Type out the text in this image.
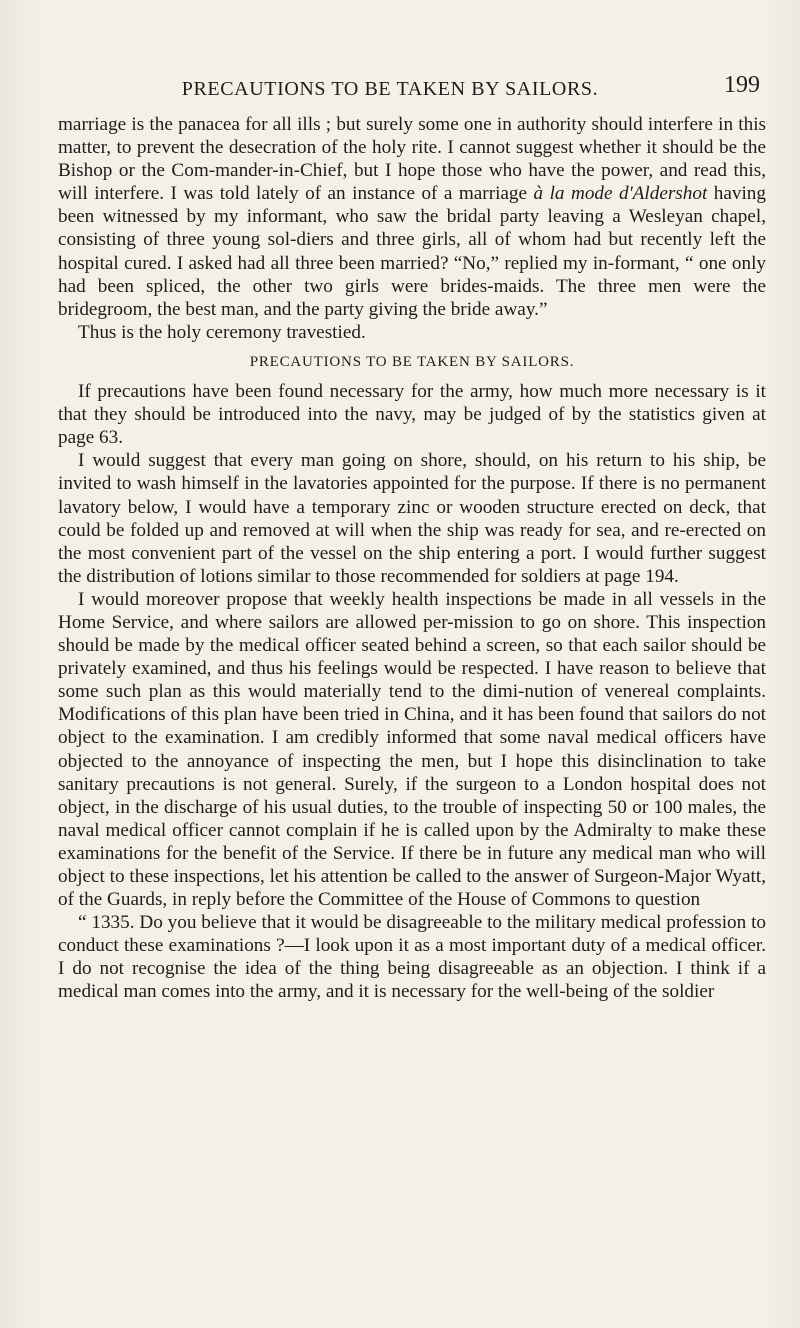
PRECAUTIONS TO BE TAKEN BY SAILORS.	199

marriage is the panacea for all ills ; but surely some one in authority should interfere in this matter, to prevent the desecration of the holy rite. I cannot suggest whether it should be the Bishop or the Com-mander-in-Chief, but I hope those who have the power, and read this, will interfere. I was told lately of an instance of a marriage à la mode d'Aldershot having been witnessed by my informant, who saw the bridal party leaving a Wesleyan chapel, consisting of three young sol-diers and three girls, all of whom had but recently left the hospital cured. I asked had all three been married? “No,” replied my in-formant, “ one only had been spliced, the other two girls were brides-maids. The three men were the bridegroom, the best man, and the party giving the bride away.”

Thus is the holy ceremony travestied.

PRECAUTIONS TO BE TAKEN BY SAILORS.

If precautions have been found necessary for the army, how much more necessary is it that they should be introduced into the navy, may be judged of by the statistics given at page 63.

I would suggest that every man going on shore, should, on his return to his ship, be invited to wash himself in the lavatories appointed for the purpose. If there is no permanent lavatory below, I would have a temporary zinc or wooden structure erected on deck, that could be folded up and removed at will when the ship was ready for sea, and re-erected on the most convenient part of the vessel on the ship entering a port. I would further suggest the distribution of lotions similar to those recommended for soldiers at page 194.

I would moreover propose that weekly health inspections be made in all vessels in the Home Service, and where sailors are allowed per-mission to go on shore. This inspection should be made by the medical officer seated behind a screen, so that each sailor should be privately examined, and thus his feelings would be respected. I have reason to believe that some such plan as this would materially tend to the dimi-nution of venereal complaints. Modifications of this plan have been tried in China, and it has been found that sailors do not object to the examination. I am credibly informed that some naval medical officers have objected to the annoyance of inspecting the men, but I hope this disinclination to take sanitary precautions is not general. Surely, if the surgeon to a London hospital does not object, in the discharge of his usual duties, to the trouble of inspecting 50 or 100 males, the naval medical officer cannot complain if he is called upon by the Admiralty to make these examinations for the benefit of the Service. If there be in future any medical man who will object to these inspections, let his attention be called to the answer of Surgeon-Major Wyatt, of the Guards, in reply before the Committee of the House of Commons to question

“ 1335. Do you believe that it would be disagreeable to the military medical profession to conduct these examinations ?—I look upon it as a most important duty of a medical officer. I do not recognise the idea of the thing being disagreeable as an objection. I think if a medical man comes into the army, and it is necessary for the well-being of the soldier
